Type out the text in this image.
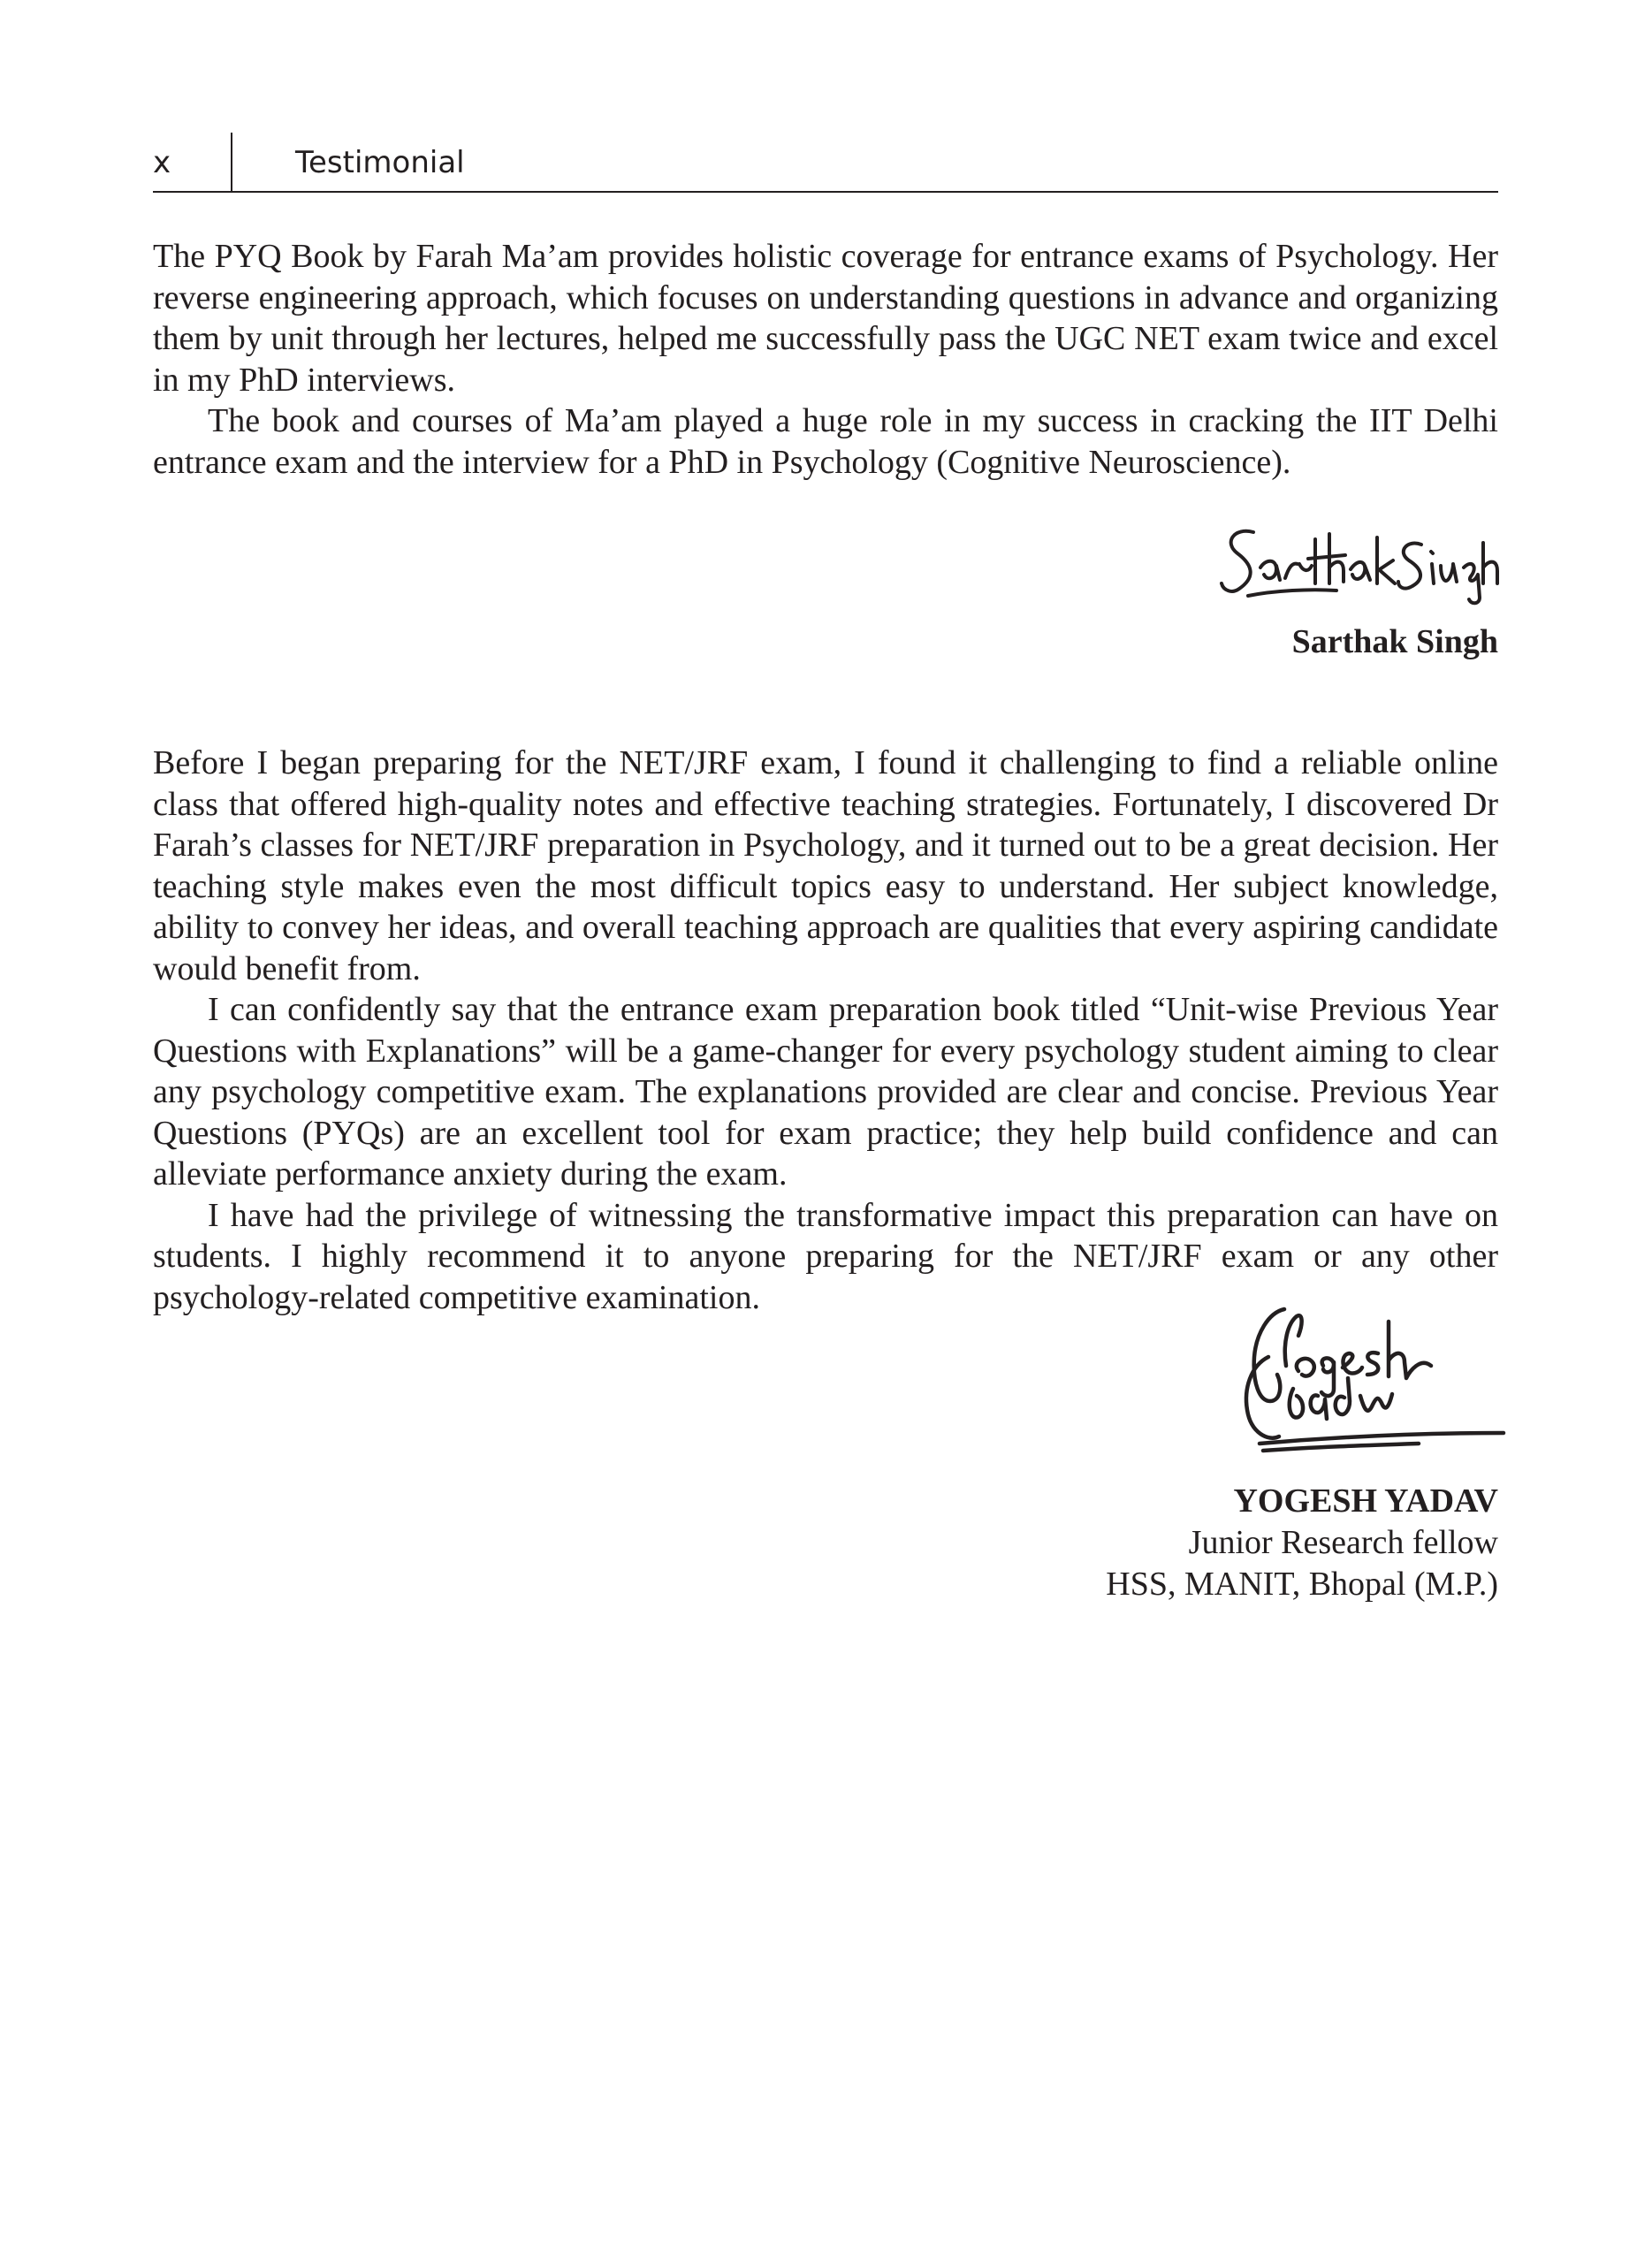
x	Testimonial

The PYQ Book by Farah Ma’am provides holistic coverage for entrance exams of Psychology. Her reverse engineering approach, which focuses on understanding questions in advance and organizing them by unit through her lectures, helped me successfully pass the UGC NET exam twice and excel in my PhD interviews.

The book and courses of Ma’am played a huge role in my success in cracking the IIT Delhi entrance exam and the interview for a PhD in Psychology (Cognitive Neuroscience).

Sarthak Singh

Before I began preparing for the NET/JRF exam, I found it challenging to find a reliable online class that offered high-quality notes and effective teaching strategies. Fortunately, I discovered Dr Farah’s classes for NET/JRF preparation in Psychology, and it turned out to be a great decision. Her teaching style makes even the most difficult topics easy to understand. Her subject knowledge, ability to convey her ideas, and overall teaching approach are qualities that every aspiring candidate would benefit from.

I can confidently say that the entrance exam preparation book titled “Unit-wise Previous Year Questions with Explanations” will be a game-changer for every psychology student aiming to clear any psychology competitive exam. The explanations provided are clear and concise. Previous Year Questions (PYQs) are an excellent tool for exam practice; they help build confidence and can alleviate performance anxiety during the exam.

I have had the privilege of witnessing the transformative impact this preparation can have on students. I highly recommend it to anyone preparing for the NET/JRF exam or any other psychology-related competitive examination.

YOGESH YADAV
Junior Research fellow
HSS, MANIT, Bhopal (M.P.)
